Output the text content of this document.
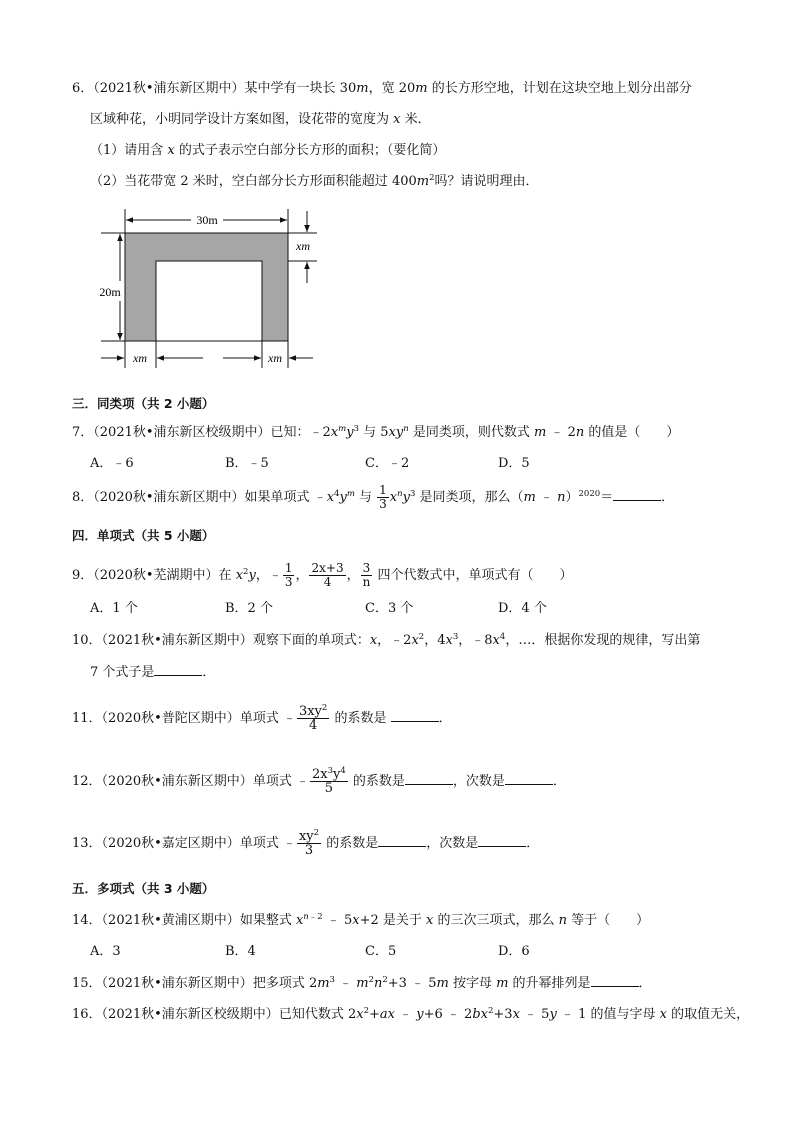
6．（2021秋•浦东新区期中）某中学有一块长 30m，宽 20m 的长方形空地，计划在这块空地上划分出部分
区域种花，小明同学设计方案如图，设花带的宽度为 x 米．
（1）请用含 x 的式子表示空白部分长方形的面积；（要化简）
（2）当花带宽 2 米时，空白部分长方形面积能超过 $400m^2$吗？请说明理由．
30m
20m
xm
xm	xm
三．同类项（共 2 小题）
7．（2021秋•浦东新区校级期中）已知：$﹣2x^my^3$ 与 $5xy^n$ 是同类项，则代数式 m ﹣ 2n 的值是（　　）
A．﹣6	B．﹣5	C．﹣2	D．5
8．（2020秋•浦东新区期中）如果单项式 $﹣x^4y^m$ 与 $\frac{1}{3} x^ny^3$ 是同类项，那么（m ﹣ n）$^{2020}$＝	．
四．单项式（共 5 小题）
9．（2020秋•芜湖期中）在 $x^2y$，﹣ $\frac{1}{3}$ ， $\frac{2x+3}{4}$ ， $\frac{3}{n}$ 四个代数式中，单项式有（　　）
A．1 个	B．2 个	C．3 个	D．4 个
10．（2021秋•浦东新区期中）观察下面的单项式：x，$﹣2x^2$，$4x^3$，$﹣8x^4$，…．根据你发现的规律，写出第
7 个式子是	．
11．（2020秋•普陀区期中）单项式 ﹣ $\frac{3xy^2}{4}$ 的系数是	．
12．（2020秋•浦东新区期中）单项式 ﹣ $\frac{2x^3y^4}{5}$ 的系数是	，次数是	．
13．（2020秋•嘉定区期中）单项式 ﹣ $\frac{xy^2}{3}$ 的系数是	，次数是	．
五．多项式（共 3 小题）
14．（2021秋•黄浦区期中）如果整式 $x^{n﹣2}$ ﹣ 5x+2 是关于 x 的三次三项式，那么 n 等于（　　）
A．3	B．4	C．5	D．6
15．（2021秋•浦东新区期中）把多项式 $2m^3$ ﹣ $m^2n^2+3$ ﹣ 5m 按字母 m 的升幂排列是	．
16．（2021秋•浦东新区校级期中）已知代数式 $2x^2+ax$ ﹣ y+6 ﹣ $2bx^2+3x$ ﹣ 5y ﹣ 1 的值与字母 x 的取值无关，
